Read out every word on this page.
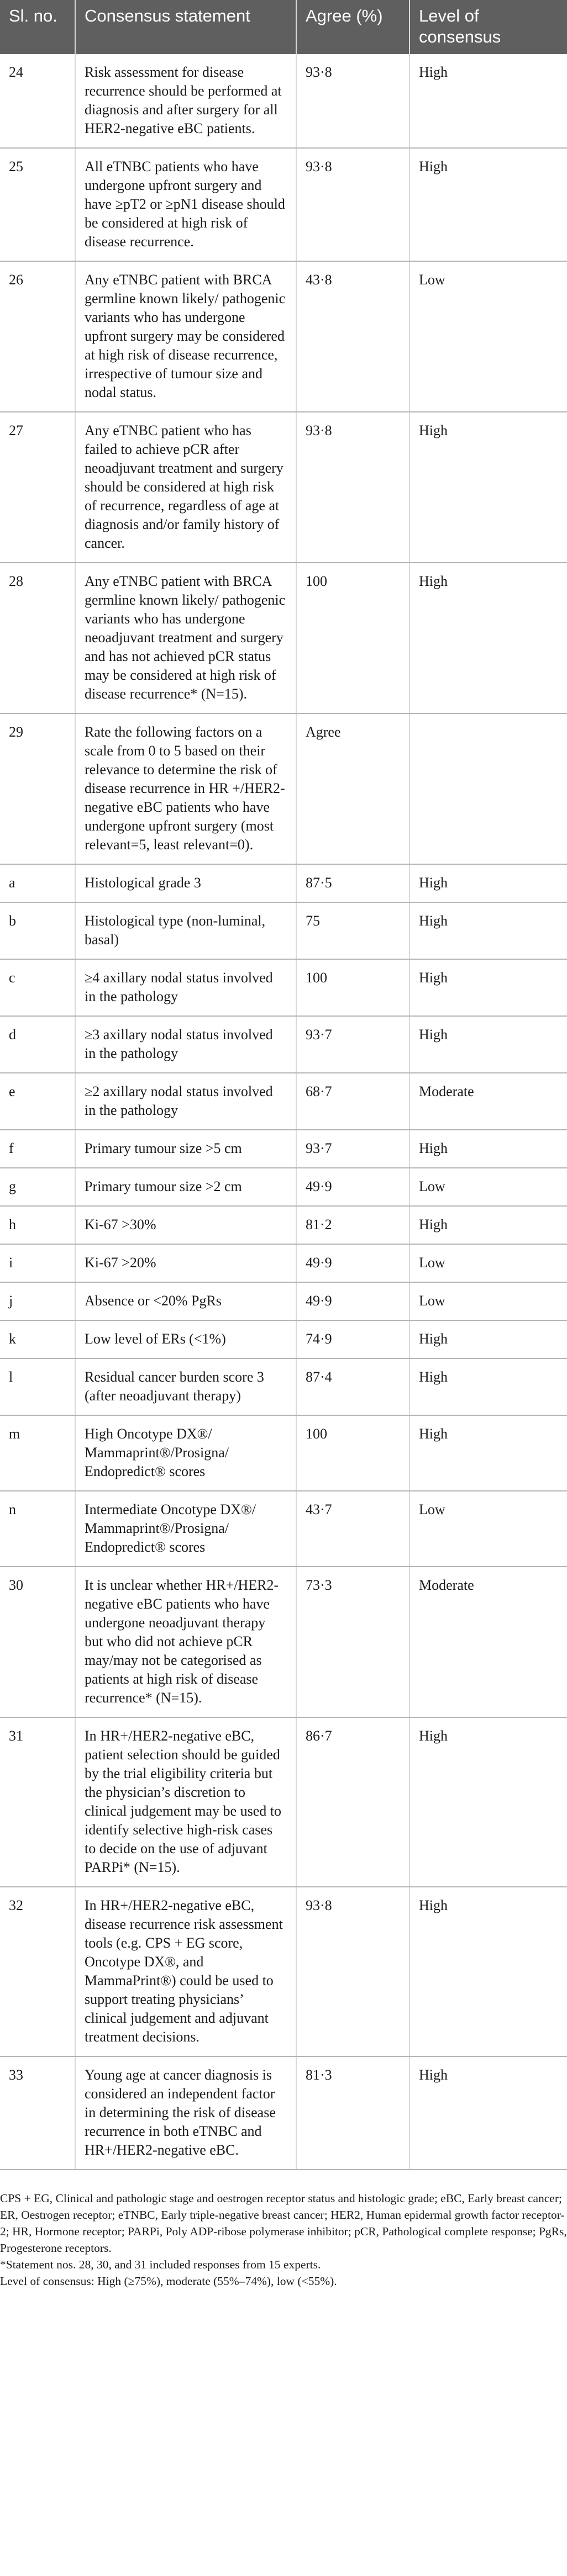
Sl. no.	Consensus statement	Agree (%)	Level of consensus
24	Risk assessment for disease recurrence should be performed at diagnosis and after surgery for all HER2-negative eBC patients.	93·8	High
25	All eTNBC patients who have undergone upfront surgery and have ≥pT2 or ≥pN1 disease should be considered at high risk of disease recurrence.	93·8	High
26	Any eTNBC patient with BRCA germline known likely/ pathogenic variants who has undergone upfront surgery may be considered at high risk of disease recurrence, irrespective of tumour size and nodal status.	43·8	Low
27	Any eTNBC patient who has failed to achieve pCR after neoadjuvant treatment and surgery should be considered at high risk of recurrence, regardless of age at diagnosis and/or family history of cancer.	93·8	High
28	Any eTNBC patient with BRCA germline known likely/ pathogenic variants who has undergone neoadjuvant treatment and surgery and has not achieved pCR status may be considered at high risk of disease recurrence* (N=15).	100	High
29	Rate the following factors on a scale from 0 to 5 based on their relevance to determine the risk of disease recurrence in HR +/HER2-negative eBC patients who have undergone upfront surgery (most relevant=5, least relevant=0).	Agree	
a	Histological grade 3	87·5	High
b	Histological type (non-luminal, basal)	75	High
c	≥4 axillary nodal status involved in the pathology	100	High
d	≥3 axillary nodal status involved in the pathology	93·7	High
e	≥2 axillary nodal status involved in the pathology	68·7	Moderate
f	Primary tumour size >5 cm	93·7	High
g	Primary tumour size >2 cm	49·9	Low
h	Ki-67 >30%	81·2	High
i	Ki-67 >20%	49·9	Low
j	Absence or <20% PgRs	49·9	Low
k	Low level of ERs (<1%)	74·9	High
l	Residual cancer burden score 3 (after neoadjuvant therapy)	87·4	High
m	High Oncotype DX®/ Mammaprint®/Prosigna/ Endopredict® scores	100	High
n	Intermediate Oncotype DX®/ Mammaprint®/Prosigna/ Endopredict® scores	43·7	Low
30	It is unclear whether HR+/HER2-negative eBC patients who have undergone neoadjuvant therapy but who did not achieve pCR may/may not be categorised as patients at high risk of disease recurrence* (N=15).	73·3	Moderate
31	In HR+/HER2-negative eBC, patient selection should be guided by the trial eligibility criteria but the physician’s discretion to clinical judgement may be used to identify selective high-risk cases to decide on the use of adjuvant PARPi* (N=15).	86·7	High
32	In HR+/HER2-negative eBC, disease recurrence risk assessment tools (e.g. CPS + EG score, Oncotype DX®, and MammaPrint®) could be used to support treating physicians’ clinical judgement and adjuvant treatment decisions.	93·8	High
33	Young age at cancer diagnosis is considered an independent factor in determining the risk of disease recurrence in both eTNBC and HR+/HER2-negative eBC.	81·3	High

CPS + EG, Clinical and pathologic stage and oestrogen receptor status and histologic grade; eBC, Early breast cancer; ER, Oestrogen receptor; eTNBC, Early triple-negative breast cancer; HER2, Human epidermal growth factor receptor-2; HR, Hormone receptor; PARPi, Poly ADP-ribose polymerase inhibitor; pCR, Pathological complete response; PgRs, Progesterone receptors.

*Statement nos. 28, 30, and 31 included responses from 15 experts.

Level of consensus: High (≥75%), moderate (55%–74%), low (<55%).
